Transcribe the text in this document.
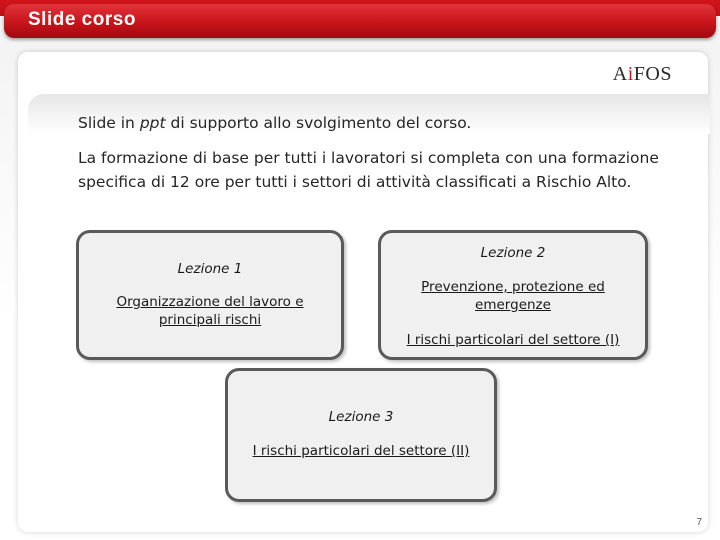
Slide corso
AiFOS
Slide in ppt di supporto allo svolgimento del corso.
La formazione di base per tutti i lavoratori si completa con una formazione specifica di 12 ore per tutti i settori di attività classificati a Rischio Alto.
Lezione 1
Organizzazione del lavoro e principali rischi
Lezione 2
Prevenzione, protezione ed emergenze
I rischi particolari del settore (I)
Lezione 3
I rischi particolari del settore (II)
7
